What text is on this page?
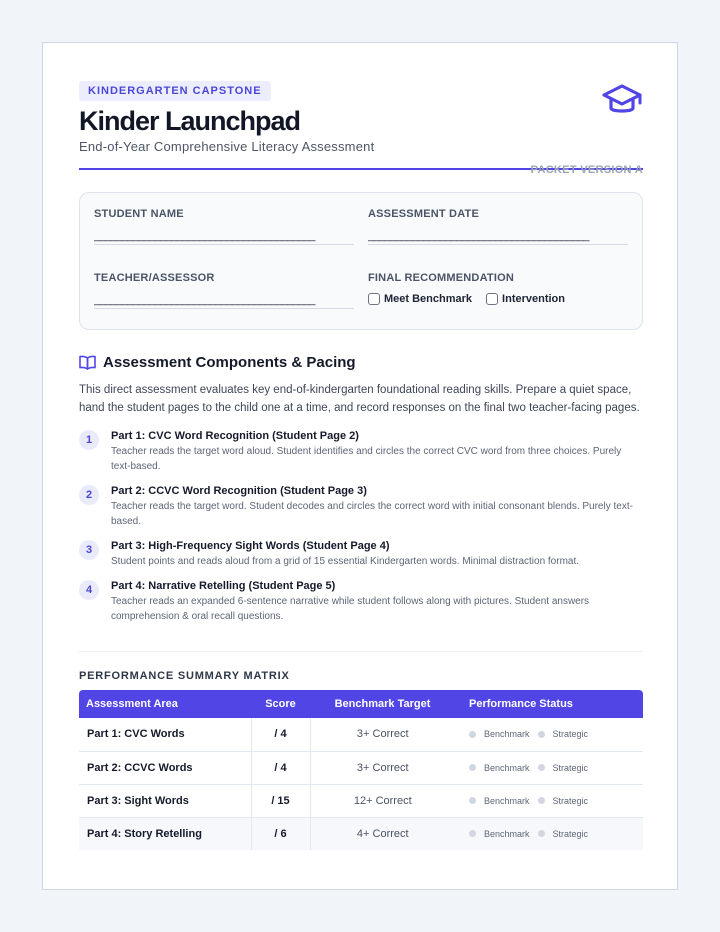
KINDERGARTEN CAPSTONE
Kinder Launchpad
End-of-Year Comprehensive Literacy Assessment
PACKET VERSION A
STUDENT NAME
________________________________________
ASSESSMENT DATE
________________________________________
TEACHER/ASSESSOR
________________________________________
FINAL RECOMMENDATION
Meet Benchmark	Intervention
Assessment Components & Pacing

This direct assessment evaluates key end-of-kindergarten foundational reading skills. Prepare a quiet space, hand the student pages to the child one at a time, and record responses on the final two teacher-facing pages.

1	Part 1: CVC Word Recognition (Student Page 2)
Teacher reads the target word aloud. Student identifies and circles the correct CVC word from three choices. Purely text-based.
2	Part 2: CCVC Word Recognition (Student Page 3)
Teacher reads the target word. Student decodes and circles the correct word with initial consonant blends. Purely text-based.
3	Part 3: High-Frequency Sight Words (Student Page 4)
Student points and reads aloud from a grid of 15 essential Kindergarten words. Minimal distraction format.
4	Part 4: Narrative Retelling (Student Page 5)
Teacher reads an expanded 6-sentence narrative while student follows along with pictures. Student answers comprehension & oral recall questions.
PERFORMANCE SUMMARY MATRIX
Assessment Area	Score	Benchmark Target	Performance Status
Part 1: CVC Words	/ 4	3+ Correct	Benchmark Strategic

Part 2: CCVC Words	/ 4	3+ Correct	Benchmark Strategic

Part 3: Sight Words	/ 15	12+ Correct	Benchmark Strategic

Part 4: Story Retelling	/ 6	4+ Correct	Benchmark Strategic
